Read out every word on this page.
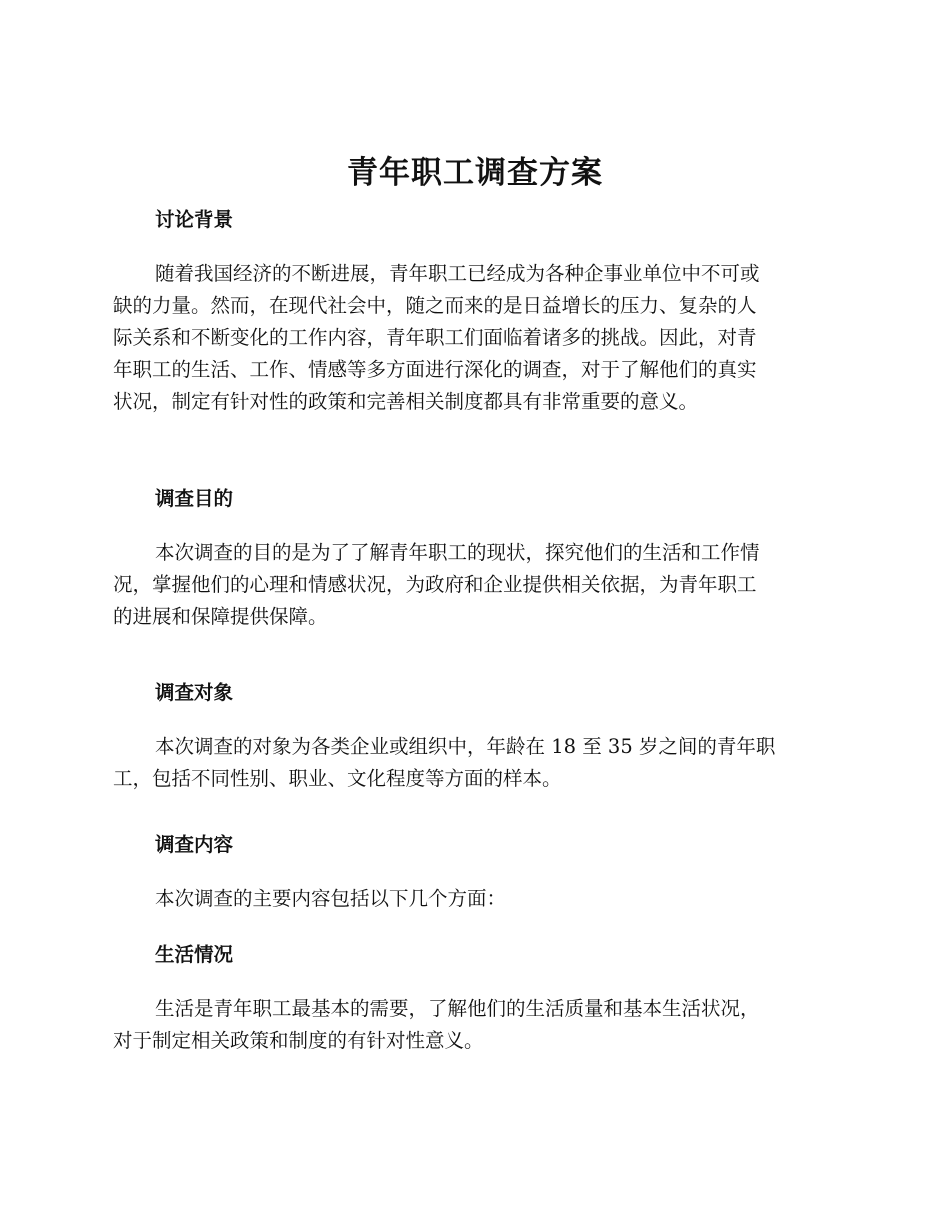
青年职工调查方案
讨论背景
随着我国经济的不断进展，青年职工已经成为各种企事业单位中不可或
缺的力量。然而，在现代社会中，随之而来的是日益增长的压力、复杂的人
际关系和不断变化的工作内容，青年职工们面临着诸多的挑战。因此，对青
年职工的生活、工作、情感等多方面进行深化的调查，对于了解他们的真实
状况，制定有针对性的政策和完善相关制度都具有非常重要的意义。
调查目的
本次调查的目的是为了了解青年职工的现状，探究他们的生活和工作情
况，掌握他们的心理和情感状况，为政府和企业提供相关依据，为青年职工
的进展和保障提供保障。
调查对象
本次调查的对象为各类企业或组织中，年龄在 18 至 35 岁之间的青年职
工，包括不同性别、职业、文化程度等方面的样本。
调查内容
本次调查的主要内容包括以下几个方面：
生活情况
生活是青年职工最基本的需要，了解他们的生活质量和基本生活状况，
对于制定相关政策和制度的有针对性意义。
